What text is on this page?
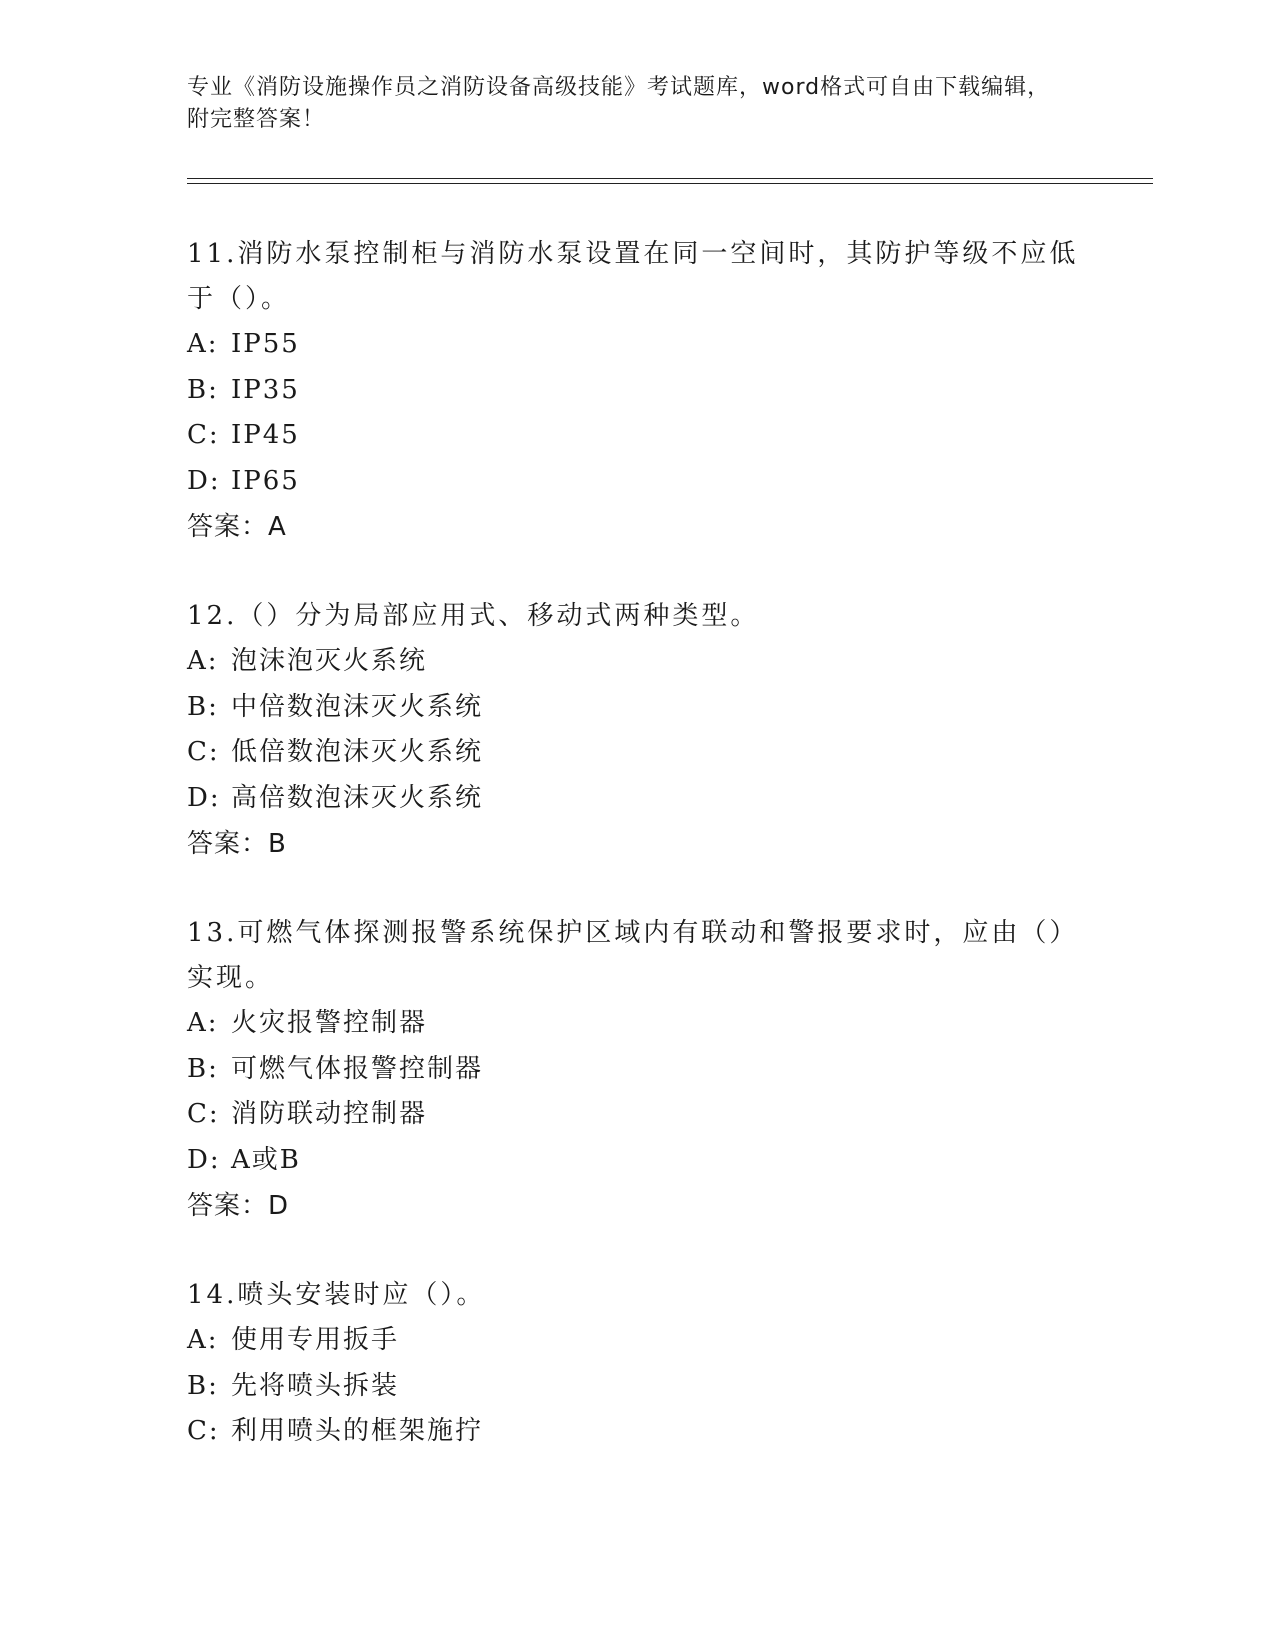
专业《消防设施操作员之消防设备高级技能》考试题库，word格式可自由下载编辑，附完整答案！
11.消防水泵控制柜与消防水泵设置在同一空间时，其防护等级不应低于（）。
A: IP55
B: IP35
C: IP45
D: IP65
答案：A
12.（）分为局部应用式、移动式两种类型。
A: 泡沫泡灭火系统
B: 中倍数泡沫灭火系统
C: 低倍数泡沫灭火系统
D: 高倍数泡沫灭火系统
答案：B
13.可燃气体探测报警系统保护区域内有联动和警报要求时，应由（）实现。
A: 火灾报警控制器
B: 可燃气体报警控制器
C: 消防联动控制器
D: A或B
答案：D
14.喷头安装时应（）。
A: 使用专用扳手
B: 先将喷头拆装
C: 利用喷头的框架施拧
